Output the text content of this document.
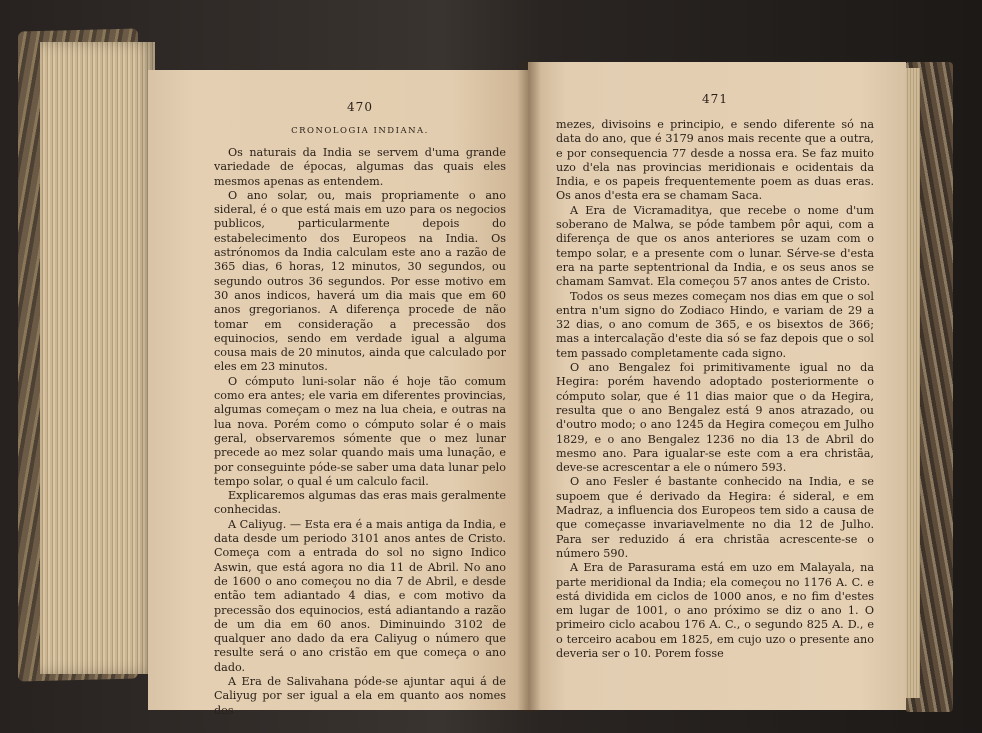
470
CRONOLOGIA INDIANA.

Os naturais da India se servem d'uma grande variedade de épocas, algumas das quais eles mesmos apenas as entendem.

O ano solar, ou, mais propriamente o ano sideral, é o que está mais em uzo para os negocios publicos, particularmente depois do estabelecimento dos Europeos na India. Os astrónomos da India calculam este ano a razão de 365 dias, 6 horas, 12 minutos, 30 segundos, ou segundo outros 36 segundos. Por esse motivo em 30 anos indicos, haverá um dia mais que em 60 anos gregorianos. A diferença procede de não tomar em consideração a precessão dos equinocios, sendo em verdade igual a alguma cousa mais de 20 minutos, ainda que calculado por eles em 23 minutos.

O cómputo luni-solar não é hoje tão comum como era antes; ele varia em diferentes provincias, algumas começam o mez na lua cheia, e outras na lua nova. Porém como o cómputo solar é o mais geral, observaremos sómente que o mez lunar precede ao mez solar quando mais uma lunação, e por conseguinte póde-se saber uma data lunar pelo tempo solar, o qual é um calculo facil.

Explicaremos algumas das eras mais geralmente conhecidas.

A Caliyug. — Esta era é a mais antiga da India, e data desde um periodo 3101 anos antes de Cristo. Começa com a entrada do sol no signo Indico Aswin, que está agora no dia 11 de Abril. No ano de 1600 o ano começou no dia 7 de Abril, e desde então tem adiantado 4 dias, e com motivo da precessão dos equinocios, está adiantando a razão de um dia em 60 anos. Diminuindo 3102 de qualquer ano dado da era Caliyug o número que resulte será o ano cristão em que começa o ano dado.

A Era de Salivahana póde-se ajuntar aqui á de Caliyug por ser igual a ela em quanto aos nomes dos

471

mezes, divisoins e principio, e sendo diferente só na data do ano, que é 3179 anos mais recente que a outra, e por consequencia 77 desde a nossa era. Se faz muito uzo d'ela nas provincias meridionais e ocidentais da India, e os papeis frequentemente poem as duas eras. Os anos d'esta era se chamam Saca.

A Era de Vicramaditya, que recebe o nome d'um soberano de Malwa, se póde tambem pôr aqui, com a diferença de que os anos anteriores se uzam com o tempo solar, e a presente com o lunar. Sérve-se d'esta era na parte septentrional da India, e os seus anos se chamam Samvat. Ela começou 57 anos antes de Cristo.

Todos os seus mezes começam nos dias em que o sol entra n'um signo do Zodiaco Hindo, e variam de 29 a 32 dias, o ano comum de 365, e os bisextos de 366; mas a intercalação d'este dia só se faz depois que o sol tem passado completamente cada signo.

O ano Bengalez foi primitivamente igual no da Hegira: porém havendo adoptado posteriormente o cómputo solar, que é 11 dias maior que o da Hegira, resulta que o ano Bengalez está 9 anos atrazado, ou d'outro modo; o ano 1245 da Hegira começou em Julho 1829, e o ano Bengalez 1236 no dia 13 de Abril do mesmo ano. Para igualar-se este com a era christãa, deve-se acrescentar a ele o número 593.

O ano Fesler é bastante conhecido na India, e se supoem que é derivado da Hegira: é sideral, e em Madraz, a influencia dos Europeos tem sido a causa de que começasse invariavelmente no dia 12 de Julho. Para ser reduzido á era christãa acrescente-se o número 590.

A Era de Parasurama está em uzo em Malayala, na parte meridional da India; ela começou no 1176 A. C. e está dividida em ciclos de 1000 anos, e no fim d'estes em lugar de 1001, o ano próximo se diz o ano 1. O primeiro ciclo acabou 176 A. C., o segundo 825 A. D., e o terceiro acabou em 1825, em cujo uzo o presente ano deveria ser o 10. Porem fosse
